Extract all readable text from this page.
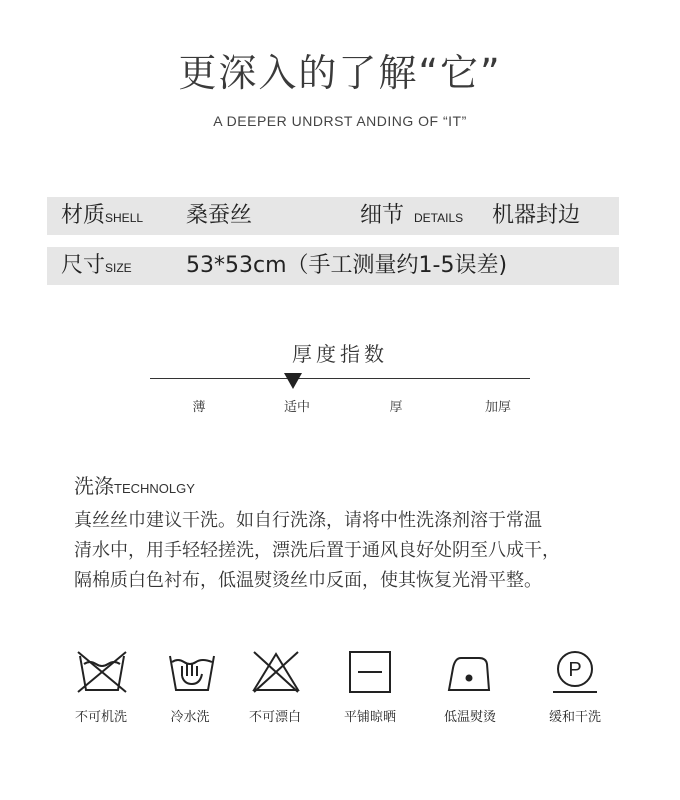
更深入的了解“它”
A DEEPER UNDRST ANDING OF “IT”
材质SHELL 桑蚕丝	细节 DETAILS 机器封边
尺寸SIZE 53*53cm（手工测量约1-5误差)
厚度指数
薄	适中	厚	加厚
洗涤TECHNOLGY
真丝丝巾建议干洗。如自行洗涤，请将中性洗涤剂溶于常温
清水中，用手轻轻搓洗，漂洗后置于通风良好处阴至八成干，
隔棉质白色衬布，低温熨烫丝巾反面，使其恢复光滑平整。
P
不可机洗	冷水洗	不可漂白	平铺晾晒	低温熨烫	缓和干洗
